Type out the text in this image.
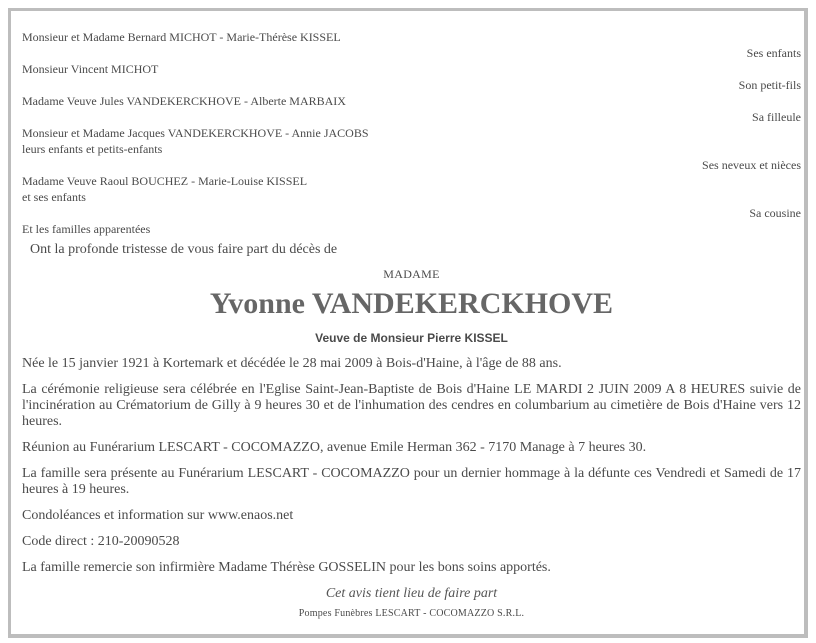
Monsieur et Madame Bernard MICHOT - Marie-Thérèse KISSEL
Ses enfants
Monsieur Vincent MICHOT
Son petit-fils
Madame Veuve Jules VANDEKERCKHOVE - Alberte MARBAIX
Sa filleule
Monsieur et Madame Jacques VANDEKERCKHOVE - Annie JACOBS
leurs enfants et petits-enfants
Ses neveux et nièces
Madame Veuve Raoul BOUCHEZ - Marie-Louise KISSEL
et ses enfants
Sa cousine
Et les familles apparentées
Ont la profonde tristesse de vous faire part du décès de
MADAME
Yvonne VANDEKERCKHOVE
Veuve de Monsieur Pierre KISSEL
Née le 15 janvier 1921 à Kortemark et décédée le 28 mai 2009 à Bois-d'Haine, à l'âge de 88 ans.
La cérémonie religieuse sera célébrée en l'Eglise Saint-Jean-Baptiste de Bois d'Haine LE MARDI 2 JUIN 2009 A 8 HEURES suivie de l'incinération au Crématorium de Gilly à 9 heures 30 et de l'inhumation des cendres en columbarium au cimetière de Bois d'Haine vers 12 heures.
Réunion au Funérarium LESCART - COCOMAZZO, avenue Emile Herman 362 - 7170 Manage à 7 heures 30.
La famille sera présente au Funérarium LESCART - COCOMAZZO pour un dernier hommage à la défunte ces Vendredi et Samedi de 17 heures à 19 heures.
Condoléances et information sur www.enaos.net
Code direct : 210-20090528
La famille remercie son infirmière Madame Thérèse GOSSELIN pour les bons soins apportés.
Cet avis tient lieu de faire part
Pompes Funèbres LESCART - COCOMAZZO S.R.L.
